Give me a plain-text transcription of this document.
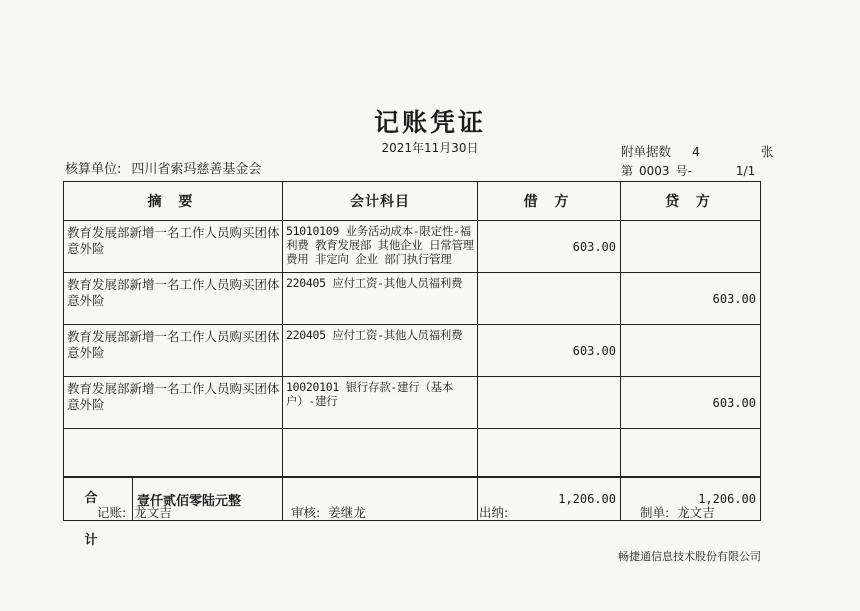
记账凭证
2021年11月30日	附单据数 4	张
核算单位: 四川省索玛慈善基金会	第 0003 号-	1/1
摘 要	会计科目	借 方	贷 方
教育发展部新增一名工作人员购买团体意外险	51010109 业务活动成本-限定性-福利费 教育发展部 其他企业 日常管理费用 非定向 企业 部门执行管理	603.00	
教育发展部新增一名工作人员购买团体意外险	220405 应付工资-其他人员福利费		603.00
教育发展部新增一名工作人员购买团体意外险	220405 应付工资-其他人员福利费	603.00	
教育发展部新增一名工作人员购买团体意外险	10020101 银行存款-建行（基本户）-建行		603.00

合 计
壹仟贰佰零陆元整		1,206.00	1,206.00
记账: 龙文吉	审核: 姜继龙	出纳:	制单: 龙文吉
畅捷通信息技术股份有限公司
